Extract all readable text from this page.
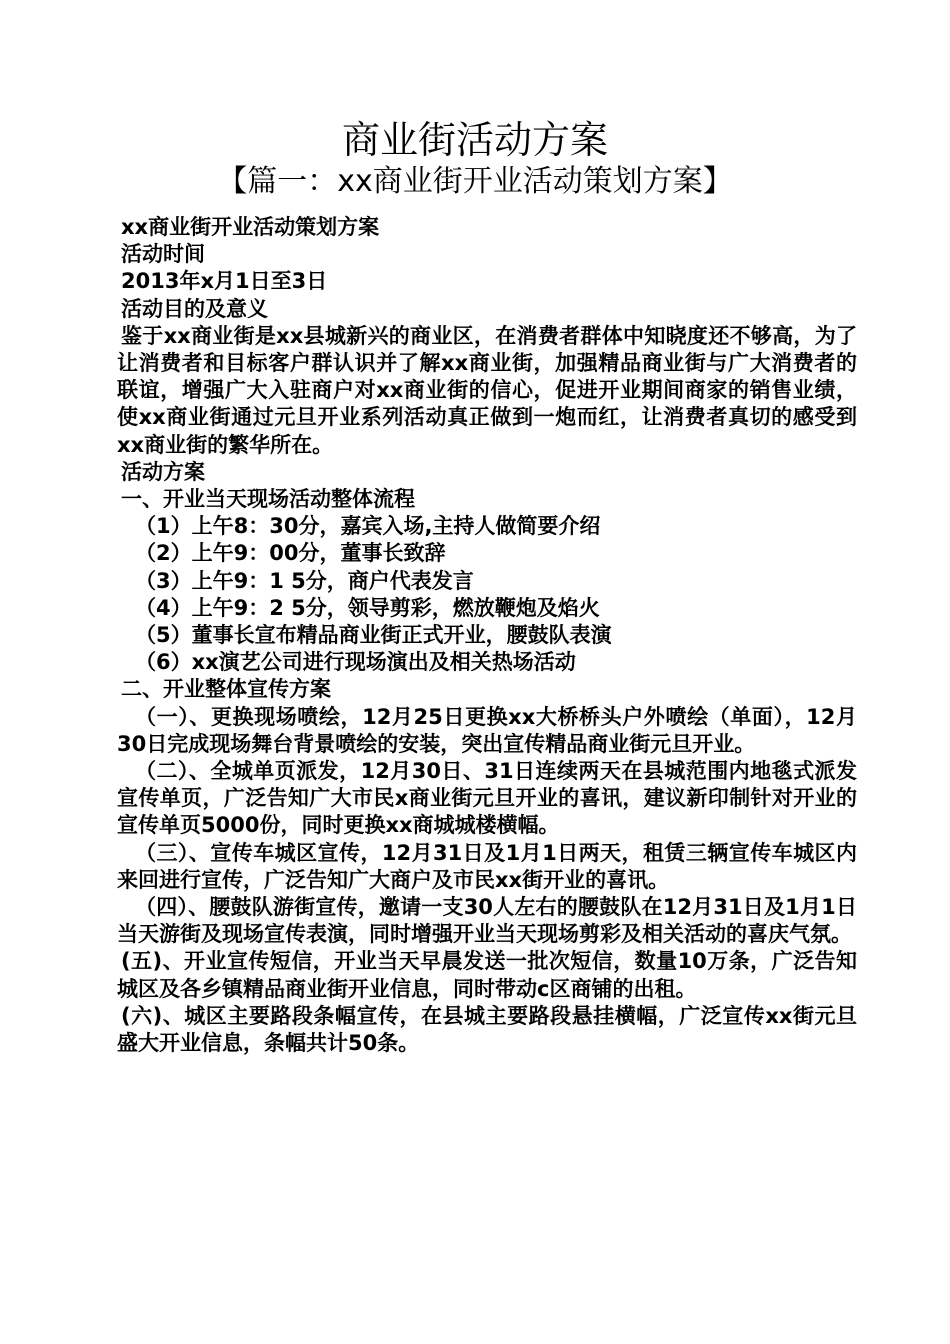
商业街活动方案
【篇一：xx商业街开业活动策划方案】
xx商业街开业活动策划方案
活动时间
2013年x月1日至3日
活动目的及意义
鉴于xx商业街是xx县城新兴的商业区，在消费者群体中知晓度还不够高，为了让消费者和目标客户群认识并了解xx商业街，加强精品商业街与广大消费者的联谊，增强广大入驻商户对xx商业街的信心，促进开业期间商家的销售业绩，使xx商业街通过元旦开业系列活动真正做到一炮而红，让消费者真切的感受到xx商业街的繁华所在。
活动方案
一、开业当天现场活动整体流程
（1）上午8：30分，嘉宾入场,主持人做简要介绍
（2）上午9：00分，董事长致辞
（3）上午9：1 5分，商户代表发言
（4）上午9：2 5分，领导剪彩，燃放鞭炮及焰火
（5）董事长宣布精品商业街正式开业，腰鼓队表演
（6）xx演艺公司进行现场演出及相关热场活动
二、开业整体宣传方案
（一）、更换现场喷绘，12月25日更换xx大桥桥头户外喷绘（单面），12月30日完成现场舞台背景喷绘的安装，突出宣传精品商业街元旦开业。
（二）、全城单页派发，12月30日、31日连续两天在县城范围内地毯式派发宣传单页，广泛告知广大市民x商业街元旦开业的喜讯，建议新印制针对开业的宣传单页5000份，同时更换xx商城城楼横幅。
（三）、宣传车城区宣传，12月31日及1月1日两天，租赁三辆宣传车城区内来回进行宣传，广泛告知广大商户及市民xx街开业的喜讯。
（四）、腰鼓队游街宣传，邀请一支30人左右的腰鼓队在12月31日及1月1日当天游街及现场宣传表演，同时增强开业当天现场剪彩及相关活动的喜庆气氛。
(五)、开业宣传短信，开业当天早晨发送一批次短信，数量10万条，广泛告知城区及各乡镇精品商业街开业信息，同时带动c区商铺的出租。
(六)、城区主要路段条幅宣传，在县城主要路段悬挂横幅，广泛宣传xx街元旦盛大开业信息，条幅共计50条。
